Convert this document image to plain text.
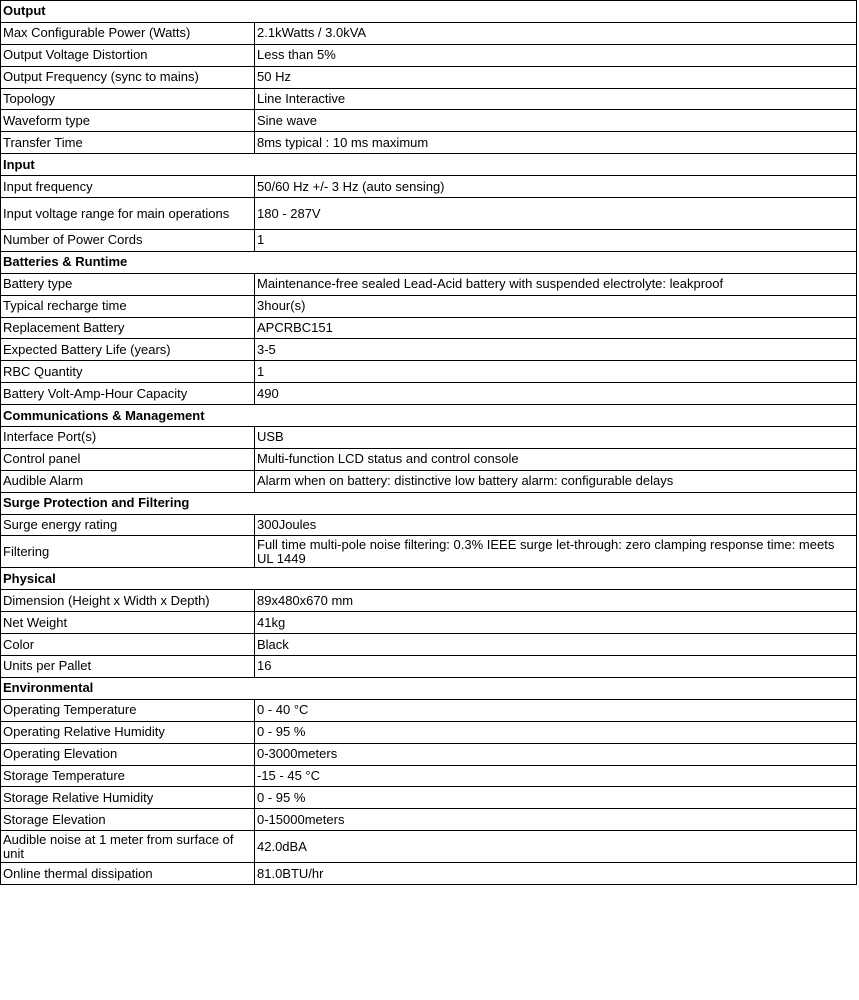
Output	
Max Configurable Power (Watts)	2.1kWatts / 3.0kVA
Output Voltage Distortion	Less than 5%
Output Frequency (sync to mains)	50 Hz
Topology	Line Interactive
Waveform type	Sine wave
Transfer Time	8ms typical : 10 ms maximum
Input	
Input frequency	50/60 Hz +/- 3 Hz (auto sensing)
Input voltage range for main operations	180 - 287V
Number of Power Cords	1
Batteries & Runtime	
Battery type	Maintenance-free sealed Lead-Acid battery with suspended electrolyte: leakproof
Typical recharge time	3hour(s)
Replacement Battery	APCRBC151
Expected Battery Life (years)	3-5
RBC Quantity	1
Battery Volt-Amp-Hour Capacity	490
Communications & Management	
Interface Port(s)	USB
Control panel	Multi-function LCD status and control console
Audible Alarm	Alarm when on battery: distinctive low battery alarm: configurable delays
Surge Protection and Filtering	
Surge energy rating	300Joules
Filtering	Full time multi-pole noise filtering: 0.3% IEEE surge let-through: zero clamping response time: meets UL 1449
Physical	
Dimension (Height x Width x Depth)	89x480x670 mm
Net Weight	41kg
Color	Black
Units per Pallet	16
Environmental	
Operating Temperature	0 - 40 °C
Operating Relative Humidity	0 - 95 %
Operating Elevation	0-3000meters
Storage Temperature	-15 - 45 °C
Storage Relative Humidity	0 - 95 %
Storage Elevation	0-15000meters
Audible noise at 1 meter from surface of unit	42.0dBA
Online thermal dissipation	81.0BTU/hr
